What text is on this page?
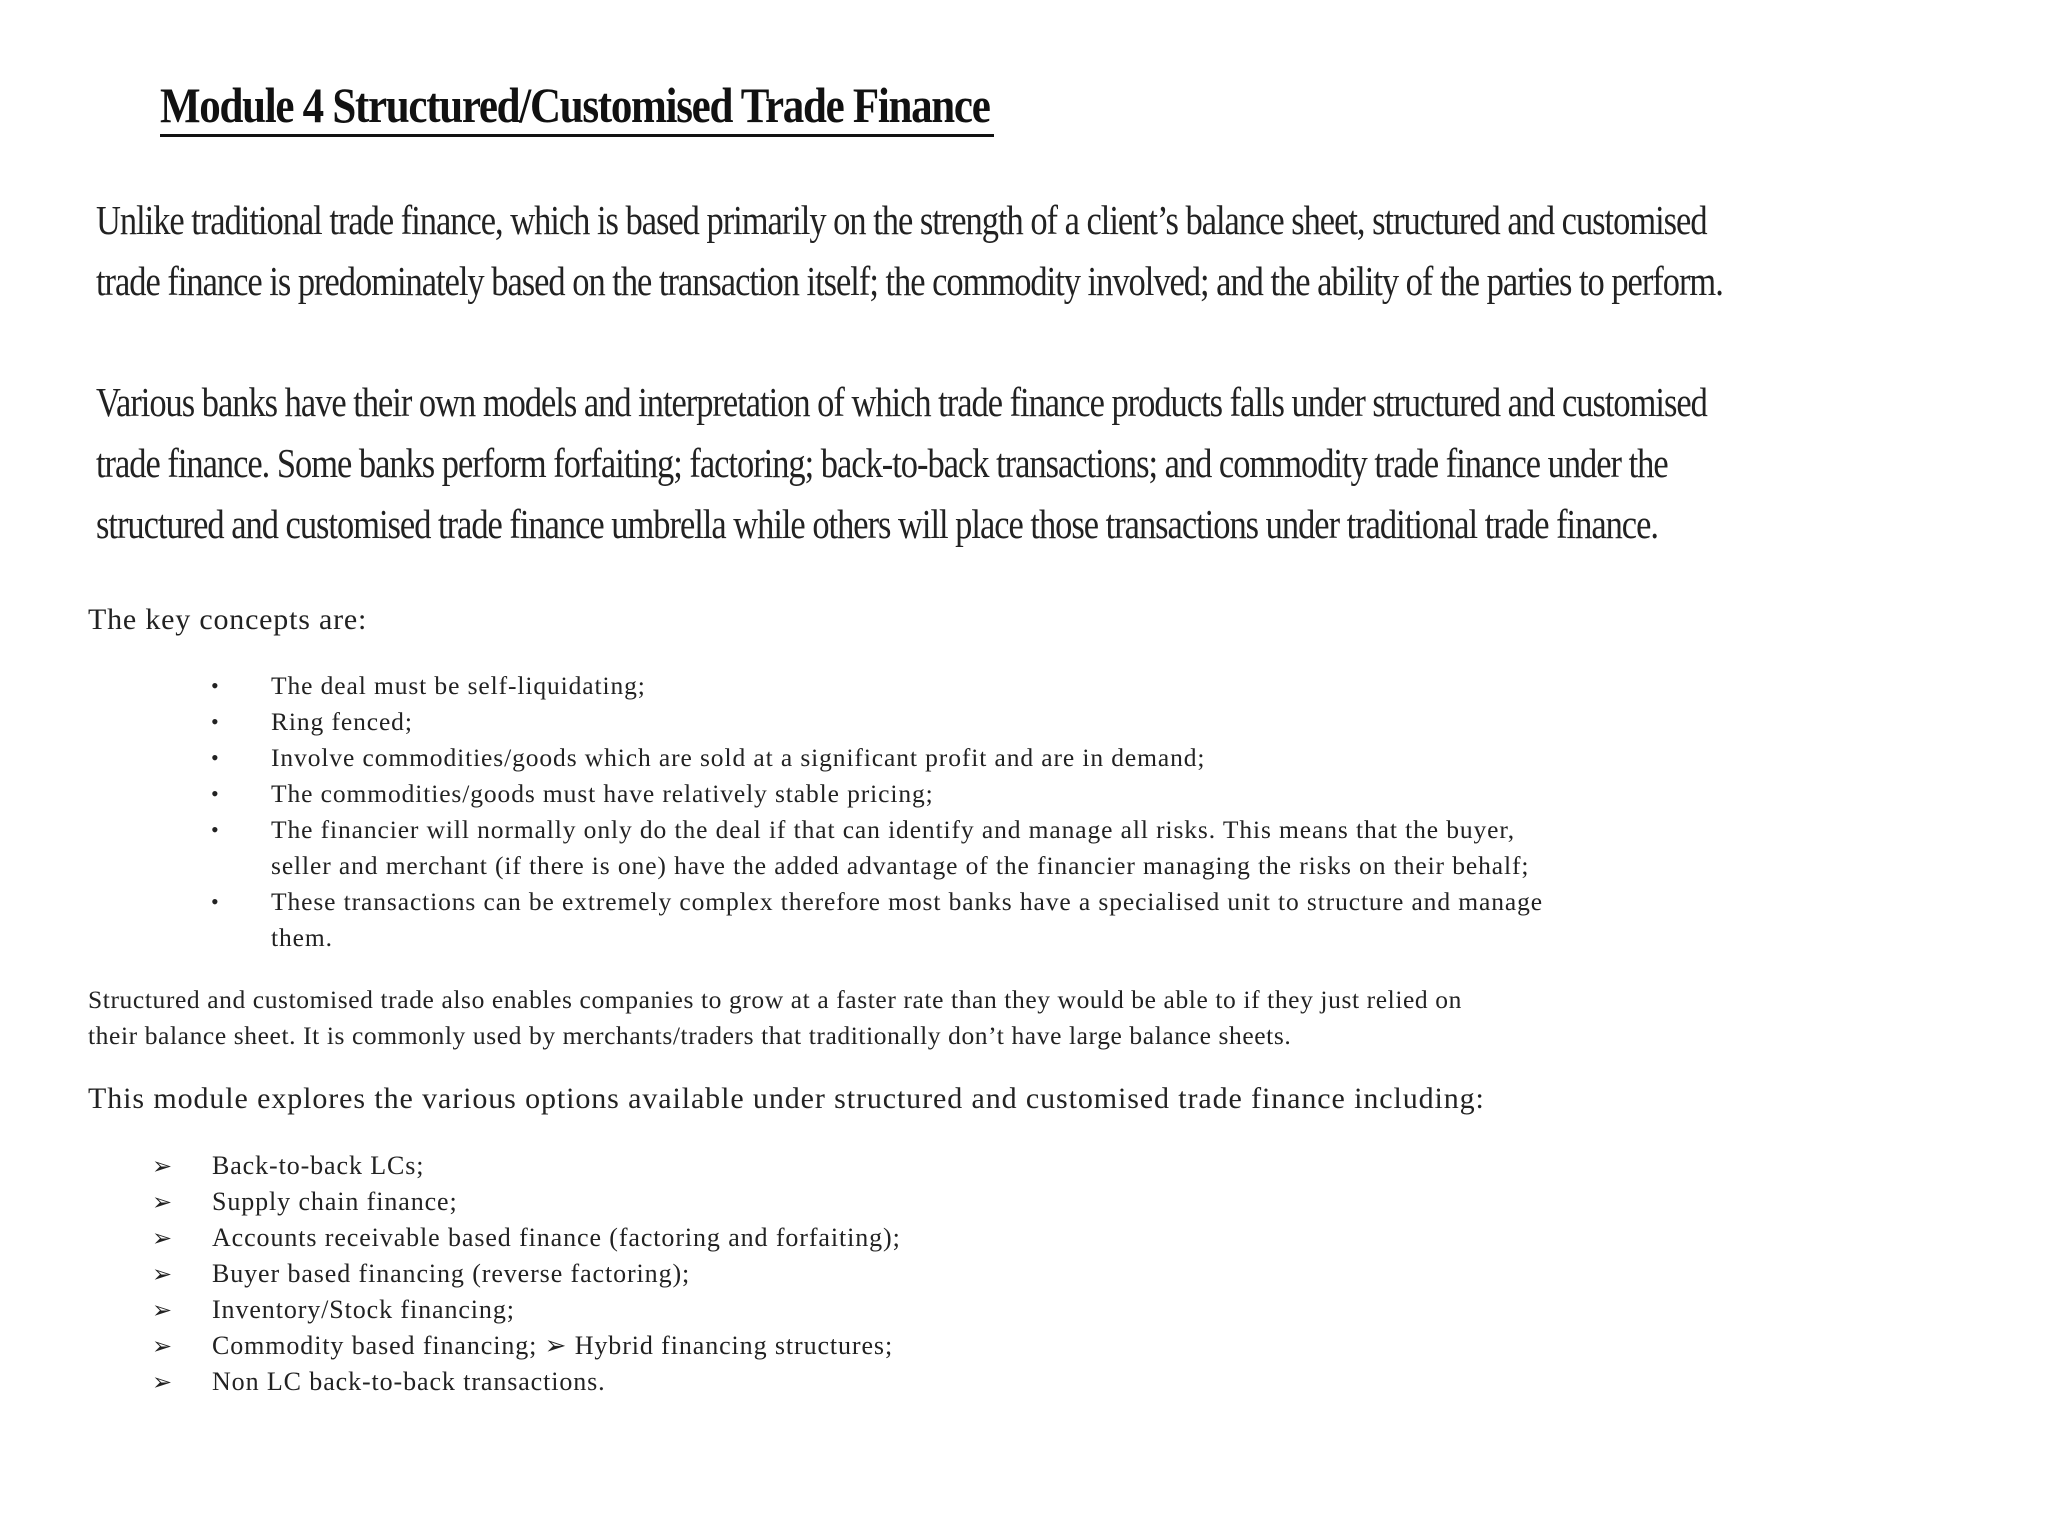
Module 4 Structured/Customised Trade Finance

Unlike traditional trade finance, which is based primarily on the strength of a client’s balance sheet, structured and customised
trade finance is predominately based on the transaction itself; the commodity involved; and the ability of the parties to perform.

Various banks have their own models and interpretation of which trade finance products falls under structured and customised
trade finance. Some banks perform forfaiting; factoring; back-to-back transactions; and commodity trade finance under the
structured and customised trade finance umbrella while others will place those transactions under traditional trade finance.

The key concepts are:

• The deal must be self-liquidating;
• Ring fenced;
• Involve commodities/goods which are sold at a significant profit and are in demand;
• The commodities/goods must have relatively stable pricing;
• The financier will normally only do the deal if that can identify and manage all risks. This means that the buyer,
seller and merchant (if there is one) have the added advantage of the financier managing the risks on their behalf;
• These transactions can be extremely complex therefore most banks have a specialised unit to structure and manage
them.

Structured and customised trade also enables companies to grow at a faster rate than they would be able to if they just relied on
their balance sheet. It is commonly used by merchants/traders that traditionally don’t have large balance sheets.

This module explores the various options available under structured and customised trade finance including:

➢ Back-to-back LCs;
➢ Supply chain finance;
➢ Accounts receivable based finance (factoring and forfaiting);
➢ Buyer based financing (reverse factoring);
➢ Inventory/Stock financing;
➢ Commodity based financing; ➢ Hybrid financing structures;
➢ Non LC back-to-back transactions.
